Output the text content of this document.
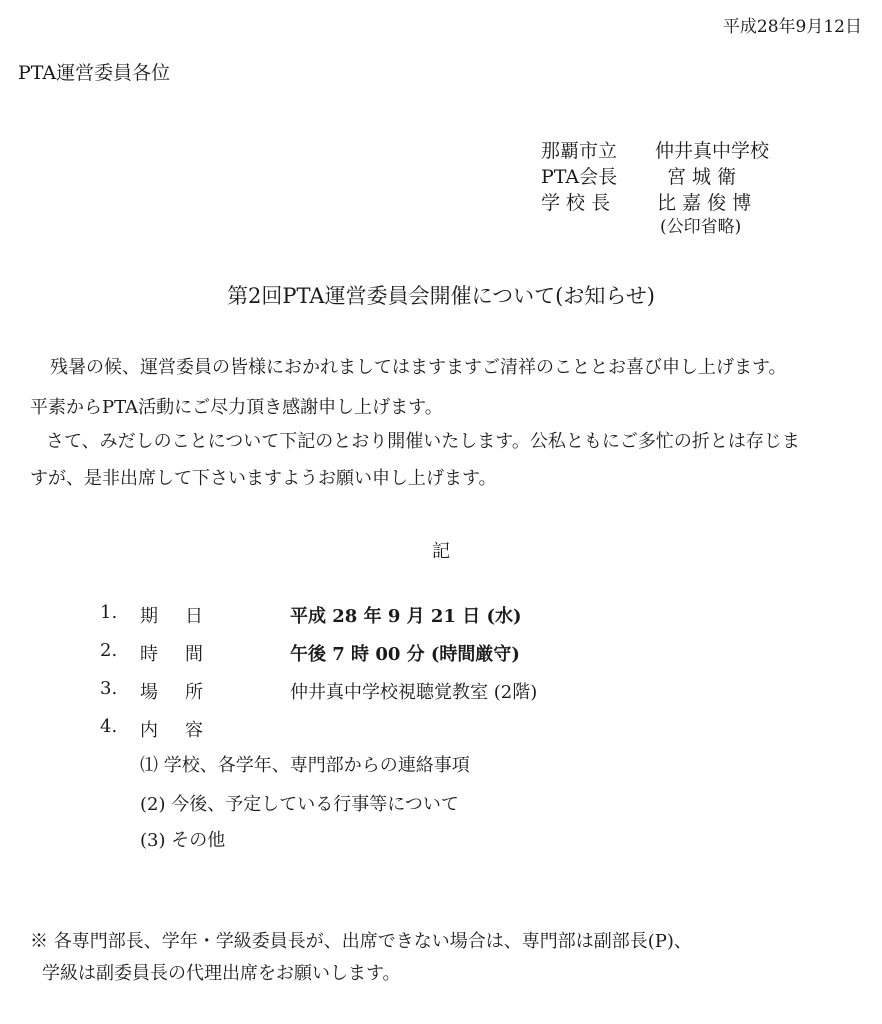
平成28年9月12日
PTA運営委員各位
那覇市立	仲井真中学校
PTA会長	宮 城 衛
学 校 長	比 嘉 俊 博
(公印省略)
第2回PTA運営委員会開催について(お知らせ)
残暑の候、運営委員の皆様におかれましてはますますご清祥のこととお喜び申し上げます。
平素からPTA活動にご尽力頂き感謝申し上げます。
さて、みだしのことについて下記のとおり開催いたします。公私ともにご多忙の折とは存じま
すが、是非出席して下さいますようお願い申し上げます。
記
1.	期 日	平成 28 年 9 月 21 日 (水)
2.	時 間	午後 7 時 00 分 (時間厳守)
3.	場 所	仲井真中学校視聴覚教室 (2階)
4.	内 容
⑴ 学校、各学年、専門部からの連絡事項
(2) 今後、予定している行事等について
(3) その他
※ 各専門部長、学年・学級委員長が、出席できない場合は、専門部は副部長(P)、
学級は副委員長の代理出席をお願いします。
